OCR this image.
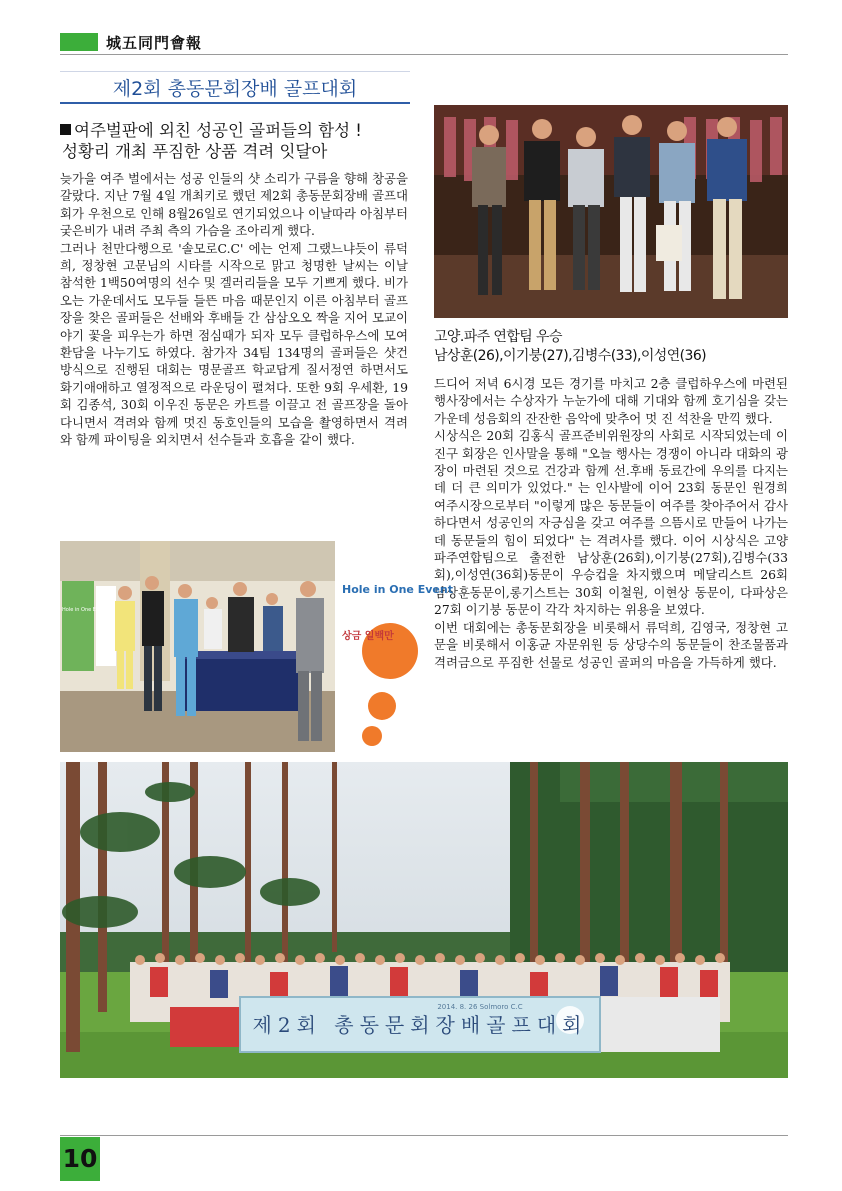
城五同門會報
제2회 총동문회장배 골프대회
여주벌판에 외친 성공인 골퍼들의 함성 !
성황리 개최 푸짐한 상품 격려 잇달아

늦가을 여주 벌에서는 성공 인들의 샷 소리가 구름을 향해 창공을 갈랐다. 지난 7월 4일 개최키로 했던 제2회 총동문회장배 골프대회가 우천으로 인해 8월26일로 연기되었으나 이날따라 아침부터 궂은비가 내려 주최 측의 가슴을 조아리게 했다.

그러나 천만다행으로 '솔모로C.C' 에는 언제 그랬느냐듯이 류덕희, 정창현 고문님의 시타를 시작으로 맑고 청명한 날씨는 이날 참석한 1백50여명의 선수 및 겔러리들을 모두 기쁘게 했다. 비가 오는 가운데서도 모두들 들뜬 마음 때문인지 이른 아침부터 골프장을 찾은 골퍼들은 선배와 후배들 간 삼삼오오 짝을 지어 모교이야기 꽃을 피우는가 하면 점심때가 되자 모두 클럽하우스에 모여 환담을 나누기도 하였다. 참가자 34팀 134명의 골퍼들은 샷건 방식으로 진행된 대회는 명문골프 학교답게 질서정연 하면서도 화기애애하고 열정적으로 라운딩이 펼쳐다. 또한 9회 우세환, 19회 김종석, 30회 이우진 동문은 카트를 이끌고 전 골프장을 돌아다니면서 격려와 함께 멋진 동호인들의 모습을 촬영하면서 격려와 함께 파이팅을 외치면서 선수들과 호흡을 같이 했다.

고양.파주 연합팀 우승
남상훈(26),이기붕(27),김병수(33),이성연(36)

드디어 저녁 6시경 모든 경기를 마치고 2층 클럽하우스에 마련된 행사장에서는 수상자가 누눈가에 대해 기대와 함께 호기심을 갖는 가운데 성음회의 잔잔한 음악에 맞추어 멋 진 석찬을 만끽 했다.

시상식은 20회 김홍식 골프준비위원장의 사회로 시작되었는데 이진구 회장은 인사말을 통해 "오늘 행사는 경쟁이 아니라 대화의 광장이 마련된 것으로 건강과 함께 선.후배 동료간에 우의를 다지는데 더 큰 의미가 있었다." 는 인사발에 이어 23회 동문인 원경희 여주시장으로부터 "이렇게 많은 동문들이 여주를 찾아주어서 감사하다면서 성공인의 자긍심을 갖고 여주를 으뜸시로 만들어 나가는데 동문들의 힘이 되었다" 는 격려사를 했다. 이어 시상식은 고양파주연합팀으로 출전한 남상훈(26회),이기붕(27회),김병수(33회),이성연(36회)동문이 우승컵을 차지했으며 메달리스트 26회 남상훈동문이,롱기스트는 30회 이철원, 이현상 동문이, 다파상은 27회 이기붕 동문이 각각 차지하는 위용을 보였다.

이번 대회에는 총동문회장을 비롯해서 류덕희, 김영국, 정창현 고문을 비롯해서 이홍균 자문위원 등 상당수의 동문들이 찬조물품과 격려금으로 푸짐한 선물로 성공인 골퍼의 마음을 가득하게 했다.

Hole in One Event
상금 일백만
Hole in One Event
제2회 총동문회장배골프대회
2014. 8. 26 Solmoro C.C
10
